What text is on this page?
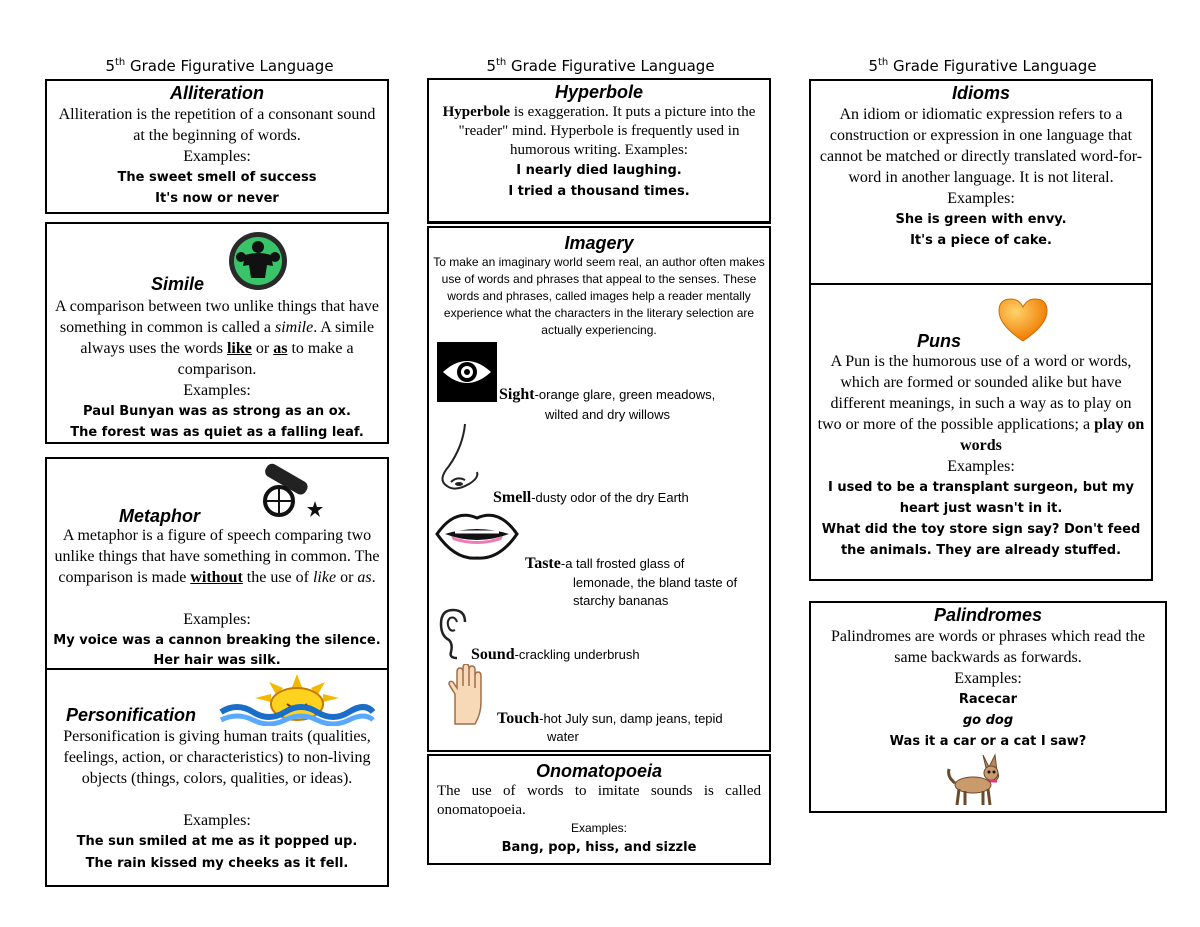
5th Grade Figurative Language	5th Grade Figurative Language	5th Grade Figurative Language
Alliteration
Alliteration is the repetition of a consonant sound at the beginning of words.
Examples:
The sweet smell of success
It's now or never
Simile
A comparison between two unlike things that have something in common is called a simile. A simile always uses the words like or as to make a comparison.
Examples:
Paul Bunyan was as strong as an ox.
The forest was as quiet as a falling leaf.
Metaphor
A metaphor is a figure of speech comparing two unlike things that have something in common. The comparison is made without the use of like or as.
Examples:
My voice was a cannon breaking the silence.
Her hair was silk.
Personification
Personification is giving human traits (qualities, feelings, action, or characteristics) to non-living objects (things, colors, qualities, or ideas).
Examples:
The sun smiled at me as it popped up.
The rain kissed my cheeks as it fell.
Hyperbole
Hyperbole is exaggeration. It puts a picture into the "reader" mind. Hyperbole is frequently used in humorous writing. Examples:
I nearly died laughing.
I tried a thousand times.
Imagery
To make an imaginary world seem real, an author often makes use of words and phrases that appeal to the senses. These words and phrases, called images help a reader mentally experience what the characters in the literary selection are actually experiencing.
Sight-orange glare, green meadows,
wilted and dry willows
Smell-dusty odor of the dry Earth
Taste-a tall frosted glass of
lemonade, the bland taste of
starchy bananas
Sound-crackling underbrush
Touch-hot July sun, damp jeans, tepid
water
Onomatopoeia
The use of words to imitate sounds is called onomatopoeia.
Examples:
Bang, pop, hiss, and sizzle
Idioms
An idiom or idiomatic expression refers to a construction or expression in one language that cannot be matched or directly translated word-for-word in another language. It is not literal.
Examples:
She is green with envy.
It's a piece of cake.
Puns
A Pun is the humorous use of a word or words, which are formed or sounded alike but have different meanings, in such a way as to play on two or more of the possible applications; a play on words
Examples:
I used to be a transplant surgeon, but my heart just wasn't in it.
What did the toy store sign say? Don't feed the animals. They are already stuffed.
Palindromes
Palindromes are words or phrases which read the same backwards as forwards.
Examples:
Racecar
go dog
Was it a car or a cat I saw?
